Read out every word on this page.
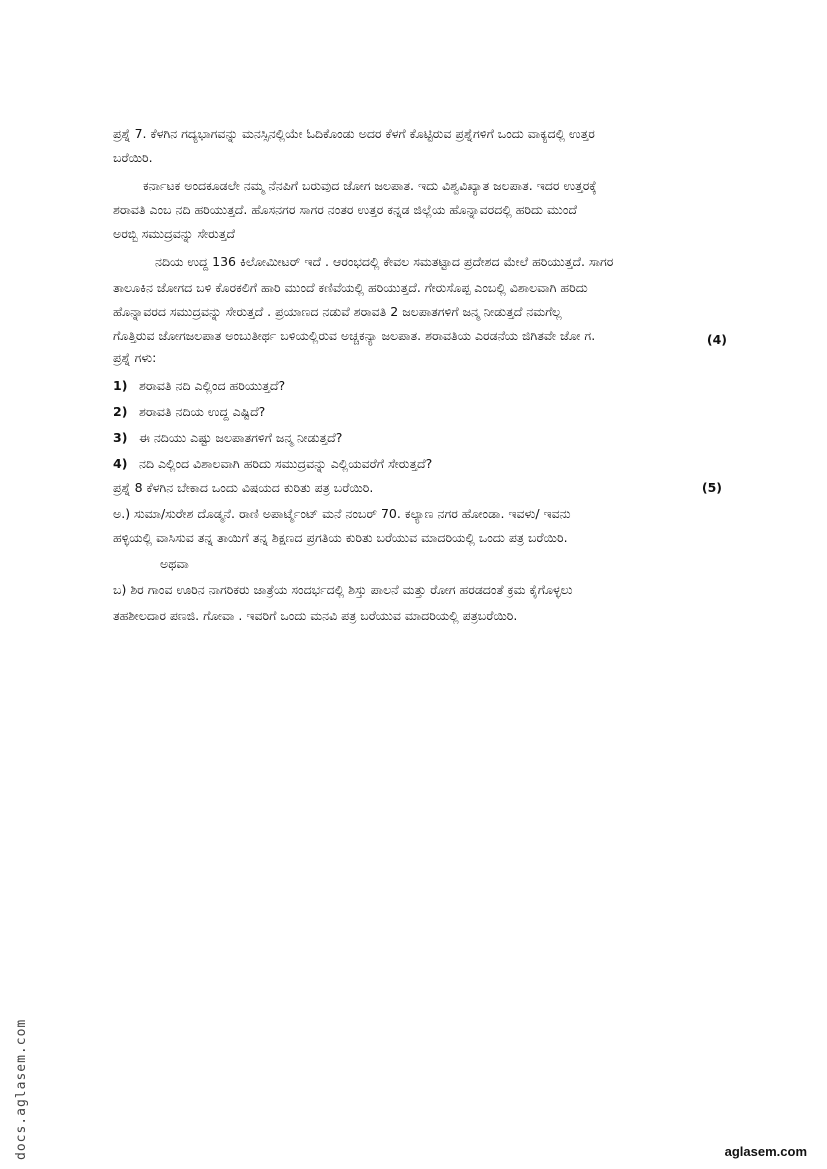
ಪ್ರಶ್ನೆ 7. ಕೆಳಗಿನ ಗದ್ಯಭಾಗವನ್ನು ಮನಸ್ಸಿನಲ್ಲಿಯೇ ಓದಿಕೊಂಡು ಅದರ ಕೆಳಗೆ ಕೊಟ್ಟಿರುವ ಪ್ರಶ್ನೆಗಳಿಗೆ ಒಂದು ವಾಕ್ಯದಲ್ಲಿ ಉತ್ತರ
ಬರೆಯಿರಿ.
ಕರ್ನಾಟಕ ಅಂದಕೂಡಲೇ ನಮ್ಮ ನೆನಪಿಗೆ ಬರುವುದ ಜೋಗ ಜಲಪಾತ. ಇದು ವಿಶ್ವವಿಖ್ಯಾತ ಜಲಪಾತ. ಇದರ ಉತ್ತರಕ್ಕೆ
ಶರಾವತಿ ಎಂಬ ನದಿ ಹರಿಯುತ್ತದೆ. ಹೊಸನಗರ ಸಾಗರ ನಂತರ ಉತ್ತರ ಕನ್ನಡ ಜಿಲ್ಲೆಯ ಹೊನ್ನಾವರದಲ್ಲಿ ಹರಿದು ಮುಂದೆ
ಅರಬ್ಬಿ ಸಮುದ್ರವನ್ನು ಸೇರುತ್ತದೆ
ನದಿಯ ಉದ್ದ 136 ಕಿಲೋಮೀಟರ್ ಇದೆ . ಆರಂಭದಲ್ಲಿ ಕೇವಲ ಸಮತಟ್ಟಾದ ಪ್ರದೇಶದ ಮೇಲೆ ಹರಿಯುತ್ತದೆ. ಸಾಗರ
ತಾಲೂಕಿನ ಜೋಗದ ಬಳಿ ಕೊರಕಲಿಗೆ ಹಾರಿ ಮುಂದೆ ಕಣಿವೆಯಲ್ಲಿ ಹರಿಯುತ್ತದೆ. ಗೇರುಸೊಪ್ಪ ಎಂಬಲ್ಲಿ ವಿಶಾಲವಾಗಿ ಹರಿದು
ಹೊನ್ನಾವರದ ಸಮುದ್ರವನ್ನು ಸೇರುತ್ತದೆ . ಪ್ರಯಾಣದ ನಡುವೆ ಶರಾವತಿ 2 ಜಲಪಾತಗಳಿಗೆ ಜನ್ಮ ನೀಡುತ್ತದೆ ನಮಗೆಲ್ಲ
ಗೊತ್ತಿರುವ ಜೋಗಜಲಪಾತ ಅಂಬುತೀರ್ಥ ಬಳಿಯಲ್ಲಿರುವ ಅಚ್ಚಕನ್ಯಾ ಜಲಪಾತ. ಶರಾವತಿಯ ಎರಡನೆಯ ಜಿಗಿತವೇ ಜೋ ಗ.
ಪ್ರಶ್ನೆ ಗಳು:
(4)
1) ಶರಾವತಿ ನದಿ ಎಲ್ಲಿಂದ ಹರಿಯುತ್ತದೆ?
2) ಶರಾವತಿ ನದಿಯ ಉದ್ದ ಎಷ್ಟಿದೆ?
3) ಈ ನದಿಯು ಎಷ್ಟು ಜಲಪಾತಗಳಿಗೆ ಜನ್ಮ ನೀಡುತ್ತದೆ?
4) ನದಿ ಎಲ್ಲಿಂದ ವಿಶಾಲವಾಗಿ ಹರಿದು ಸಮುದ್ರವನ್ನು ಎಲ್ಲಿಯವರೆಗೆ ಸೇರುತ್ತದೆ?
ಪ್ರಶ್ನೆ 8 ಕೆಳಗಿನ ಬೇಕಾದ ಒಂದು ವಿಷಯದ ಕುರಿತು ಪತ್ರ ಬರೆಯಿರಿ.	(5)
ಅ.) ಸುಮಾ/ಸುರೇಶ ದೊಡ್ಮನೆ. ರಾಣಿ ಅಪಾರ್ಟ್ಮೆಂಟ್ ಮನೆ ನಂಬರ್ 70. ಕಲ್ಯಾಣ ನಗರ ಹೋಂಡಾ. ಇವಳು/ ಇವನು
ಹಳ್ಳಿಯಲ್ಲಿ ವಾಸಿಸುವ ತನ್ನ ತಾಯಿಗೆ ತನ್ನ ಶಿಕ್ಷಣದ ಪ್ರಗತಿಯ ಕುರಿತು ಬರೆಯುವ ಮಾದರಿಯಲ್ಲಿ ಒಂದು ಪತ್ರ ಬರೆಯಿರಿ.
ಅಥವಾ
ಬ) ಶಿರ ಗಾಂವ ಊರಿನ ನಾಗರಿಕರು ಜಾತ್ರೆಯ ಸಂದರ್ಭದಲ್ಲಿ ಶಿಸ್ತು ಪಾಲನೆ ಮತ್ತು ರೋಗ ಹರಡದಂತೆ ಕ್ರಮ ಕೈಗೊಳ್ಳಲು
ತಹಶೀಲದಾರ ಪಣಜಿ. ಗೋವಾ . ಇವರಿಗೆ ಒಂದು ಮನವಿ ಪತ್ರ ಬರೆಯುವ ಮಾದರಿಯಲ್ಲಿ ಪತ್ರಬರೆಯಿರಿ.
docs.aglasem.com	aglasem.com
